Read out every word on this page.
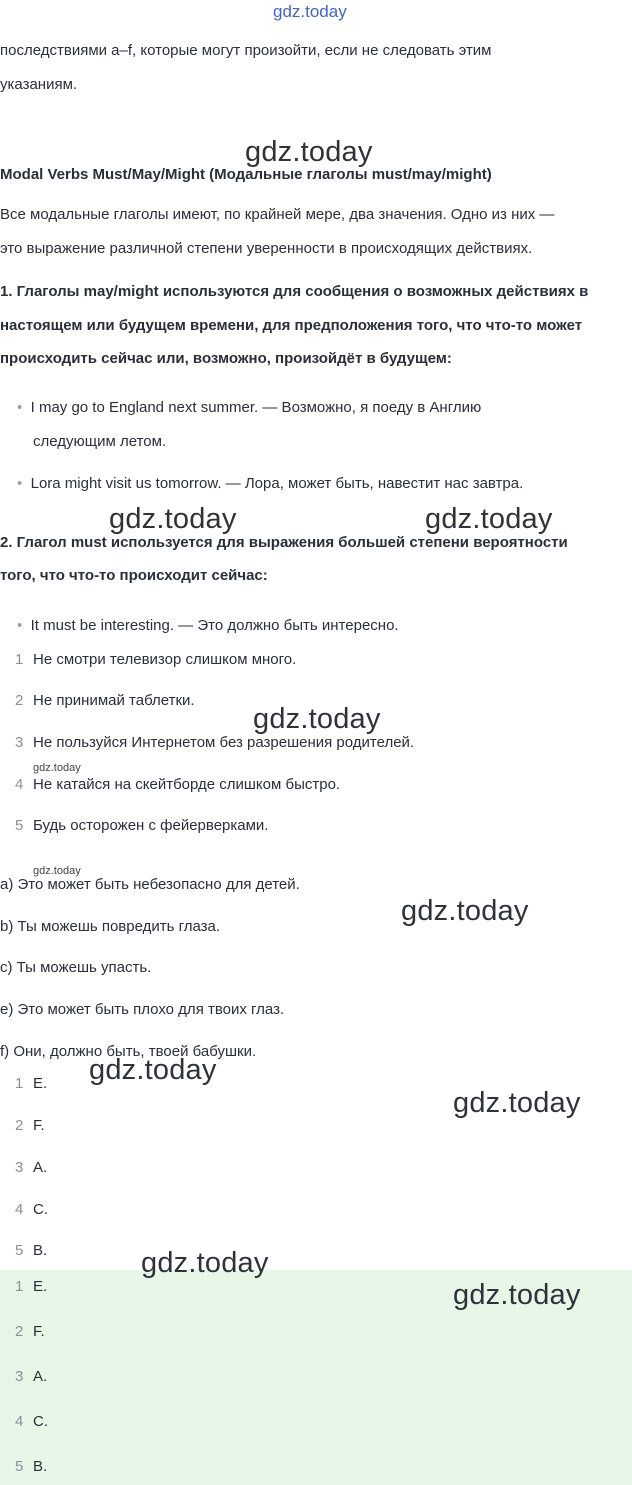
gdz.today
последствиями a–f, которые могут произойти, если не следовать этим
указаниям.
Modal Verbs Must/May/Might (Модальные глаголы must/may/might)
Все модальные глаголы имеют, по крайней мере, два значения. Одно из них —
это выражение различной степени уверенности в происходящих действиях.
1. Глаголы may/might используются для сообщения о возможных действиях в
настоящем или будущем времени, для предположения того, что что-то может
происходить сейчас или, возможно, произойдёт в будущем:
• I may go to England next summer. — Возможно, я поеду в Англию
следующим летом.
• Lora might visit us tomorrow. — Лора, может быть, навестит нас завтра.
2. Глагол must используется для выражения большей степени вероятности
того, что что-то происходит сейчас:
• It must be interesting. — Это должно быть интересно.
1 Не смотри телевизор слишком много.
2 Не принимай таблетки.
3 Не пользуйся Интернетом без разрешения родителей.
4 Не катайся на скейтборде слишком быстро.
5 Будь осторожен с фейерверками.
a) Это может быть небезопасно для детей.
b) Ты можешь повредить глаза.
c) Ты можешь упасть.
e) Это может быть плохо для твоих глаз.
f) Они, должно быть, твоей бабушки.
1 E.
2 F.
3 A.
4 C.
5 B.
1 E.
2 F.
3 A.
4 C.
5 B.
gdz.today
gdz.today	gdz.today
gdz.today
gdz.today
gdz.today
gdz.today
gdz.today
gdz.today
gdz.today
gdz.today
